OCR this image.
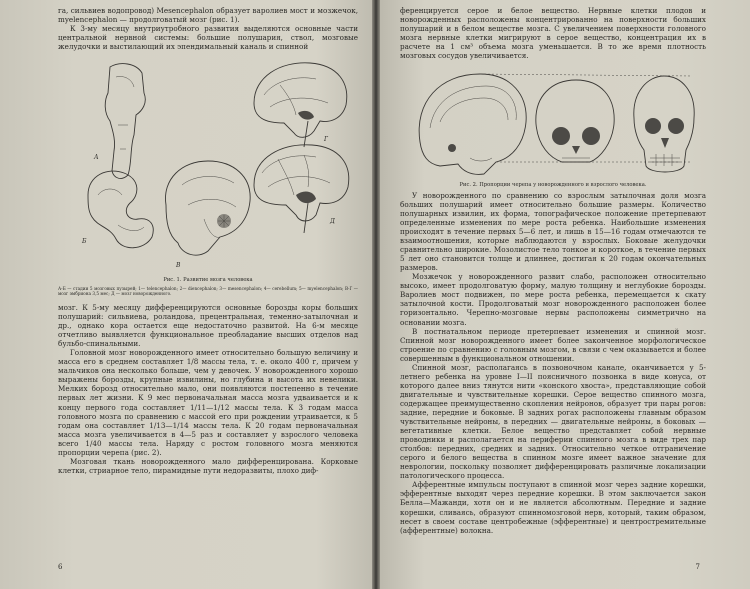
га, сильвиев водопровод) Mesencephalon образует варолиев мост и мозжечок, myelencephalon — продолговатый мозг (рис. 1).

К 3-му месяцу внутриутробного развития выделяются основные части центральной нервной системы: большие полушария, ствол, мозговые желудочки и выстилающий их эпендимальный каналь и спинной

А
Б
В
Г
Д

Рис. 1. Развитие мозга человека

А-Б — стадии 5 мозговых пузырей; 1— telencephalon; 2— diencephalon; 3— mesencephalon; 4— cerebellum; 5— myelencephalon; В-Г — мозг эмбриона 3,5 мес; Д — мозг новорожденного.

мозг. К 5-му месяцу дифференцируются основные борозды коры больших полушарий: сильвиева, роландова, прецентральная, теменно-затылочная и др., однако кора остается еще недостаточно развитой. На 6-м месяце отчетливо выявляется функциональное преобладание высших отделов над бульбо-спинальными.

Головной мозг новорожденного имеет относительно большую величину и масса его в среднем составляет 1/8 массы тела, т. е. около 400 г, причем у мальчиков она несколько больше, чем у девочек. У новорожденного хорошо выражены борозды, крупные извилины, но глубина и высота их невелики. Мелких борозд относительно мало, они появляются постепенно в течение первых лет жизни. К 9 мес первоначальная масса мозга удваивается и к концу первого года составляет 1/11—1/12 массы тела. К 3 годам масса головного мозга по сравнению с массой его при рождении утраивается, к 5 годам она составляет 1/13—1/14 массы тела. К 20 годам первоначальная масса мозга увеличивается в 4—5 раз и составляет у взрослого человека всего 1/40 массы тела. Наряду с ростом головного мозга меняются пропорции черепа (рис. 2).

Мозговая ткань новорожденного мало дифференцирована. Корковые клетки, стриарное тело, пирамидные пути недоразвиты, плохо диф-

6

ференцируется серое и белое вещество. Нервные клетки плодов и новорожденных расположены концентрированно на поверхности больших полушарий и в белом веществе мозга. С увеличением поверхности головного мозга нервные клетки мигрируют в серое вещество, концентрация их в расчете на 1 см³ объема мозга уменьшается. В то же время плотность мозговых сосудов увеличивается.

Рис. 2. Пропорции черепа у новорожденного и взрослого человека.

У новорожденного по сравнению со взрослым затылочная доля мозга больших полушарий имеет относительно большие размеры. Количество полушарных извилин, их форма, топографическое положение претерпевают определенные изменения по мере роста ребенка. Наибольшие изменения происходят в течение первых 5—6 лет, и лишь в 15—16 годам отмечаются те взаимоотношения, которые наблюдаются у взрослых. Боковые желудочки сравнительно широкие. Мозолистое тело тонкое и короткое, в течение первых 5 лет оно становится толще и длиннее, достигая к 20 годам окончательных размеров.

Мозжечок у новорожденного развит слабо, расположен относительно высоко, имеет продолговатую форму, малую толщину и неглубокие борозды. Варолиев мост подвижен, по мере роста ребенка, перемещается к скату затылочной кости. Продолговатый мозг новорожденного расположен более горизонтально. Черепно-мозговые нервы расположены симметрично на основании мозга.

В постнатальном периоде претерпевает изменения и спинной мозг. Спинной мозг новорожденного имеет более законченное морфологическое строение по сравнению с головным мозгом, в связи с чем оказывается и более совершенным в функциональном отношении.

Спинной мозг, располагаясь в позвоночном канале, оканчивается у 5-летнего ребенка на уровне I—II поясничного позвонка в виде конуса, от которого далее вниз тянутся нити «конского хвоста», представляющие собой двигательные и чувствительные корешки. Серое вещество спинного мозга, содержащее преимущественно скопления нейронов, образует три пары рогов: задние, передние и боковые. В задних рогах расположены главным образом чувствительные нейроны, в передних — двигательные нейроны, в боковых — вегетативные клетки. Белое вещество представляет собой нервные проводники и располагается на периферии спинного мозга в виде трех пар столбов: передних, средних и задних. Относительно четкое отграничение серого и белого вещества в спинном мозге имеет важное значение для неврологии, поскольку позволяет дифференцировать различные локализации патологического процесса.

Афферентные импульсы поступают в спинной мозг через задние корешки, эфферентные выходят через передние корешки. В этом заключается закон Белла—Мажанди, хотя он и не является абсолютным. Передние и задние корешки, сливаясь, образуют спинномозговой нерв, который, таким образом, несет в своем составе центробежные (эфферентные) и центростремительные (афферентные) волокна.

7
